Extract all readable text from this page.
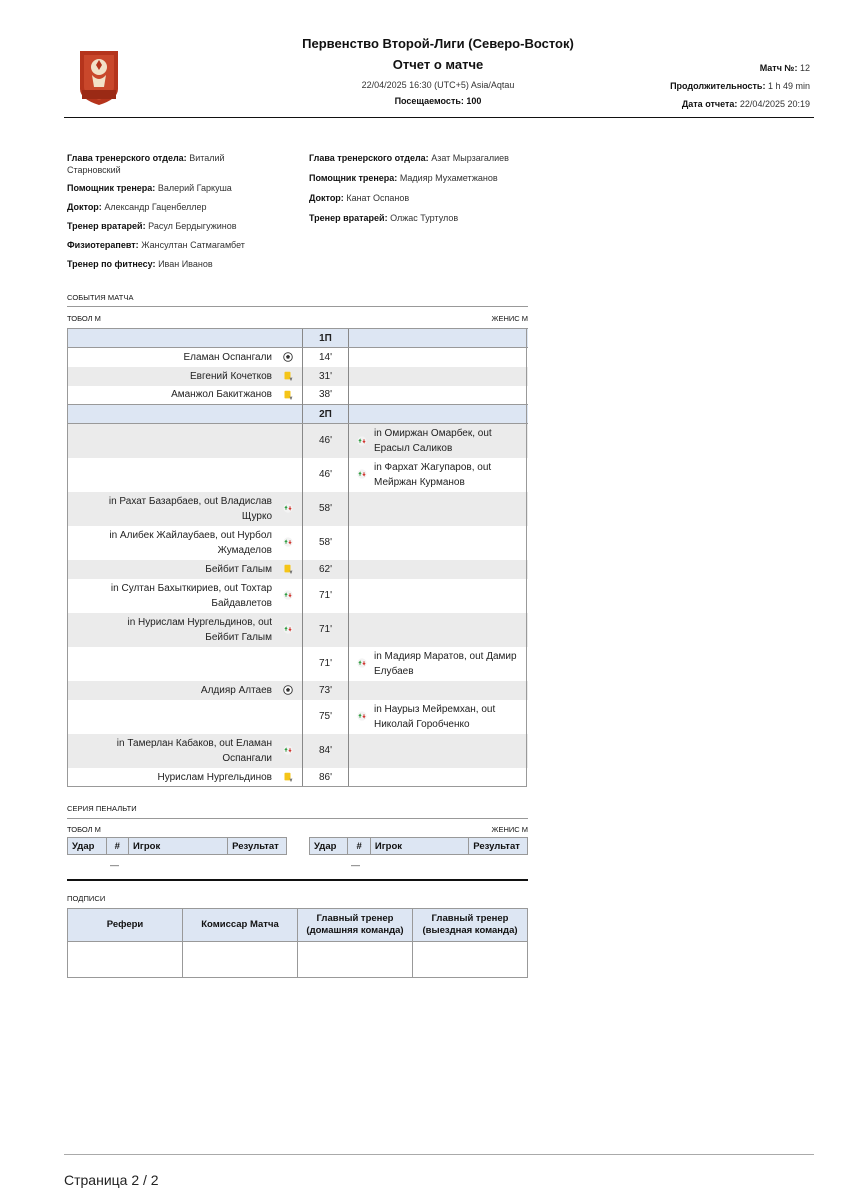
Первенство Второй-Лиги (Северо-Восток)
Отчет о матче
22/04/2025 16:30 (UTC+5) Asia/Aqtau
Посещаемость: 100
Матч №: 12
Продолжительность: 1 h 49 min
Дата отчета: 22/04/2025 20:19
Глава тренерского отдела: Виталий Старновский
Помощник тренера: Валерий Гаркуша
Доктор: Александр Гаценбеллер
Тренер вратарей: Расул Бердыгужинов
Физиотерапевт: Жансултан Сатмагамбет
Тренер по фитнесу: Иван Иванов
Глава тренерского отдела: Азат Мырзагалиев
Помощник тренера: Мадияр Мухаметжанов
Доктор: Канат Оспанов
Тренер вратарей: Олжас Туртулов
СОБЫТИЯ МАТЧА
ТОБОЛ М	ЖЕНИС М
		1П		
Еламан Оспангали		14'		
Евгений Кочетков		31'		
Аманжол Бакитжанов		38'		
		2П		
		46'		in Омиржан Омарбек, out Ерасыл Саликов
		46'		in Фархат Жагупаров, out Мейржан Курманов
in Рахат Базарбаев, out Владислав Щурко		58'		
in Алибек Жайлаубаев, out Нурбол Жумаделов		58'		
Бейбит Галым		62'		
in Султан Бахыткириев, out Тохтар Байдавлетов		71'		
in Нурислам Нургельдинов, out Бейбит Галым		71'		
		71'		in Мадияр Маратов, out Дамир Елубаев
Алдияр Алтаев		73'		
		75'		in Наурыз Мейремхан, out Николай Горобченко
in Тамерлан Кабаков, out Еламан Оспангали		84'		
Нурислам Нургельдинов		86'		
СЕРИЯ ПЕНАЛЬТИ
ТОБОЛ М	ЖЕНИС М
Удар	#	Игрок	Результат
—
Удар	#	Игрок	Результат
—
ПОДПИСИ
Рефери	Комиссар Матча	Главный тренер (домашняя команда)	Главный тренер (выездная команда)

Страница 2 / 2
